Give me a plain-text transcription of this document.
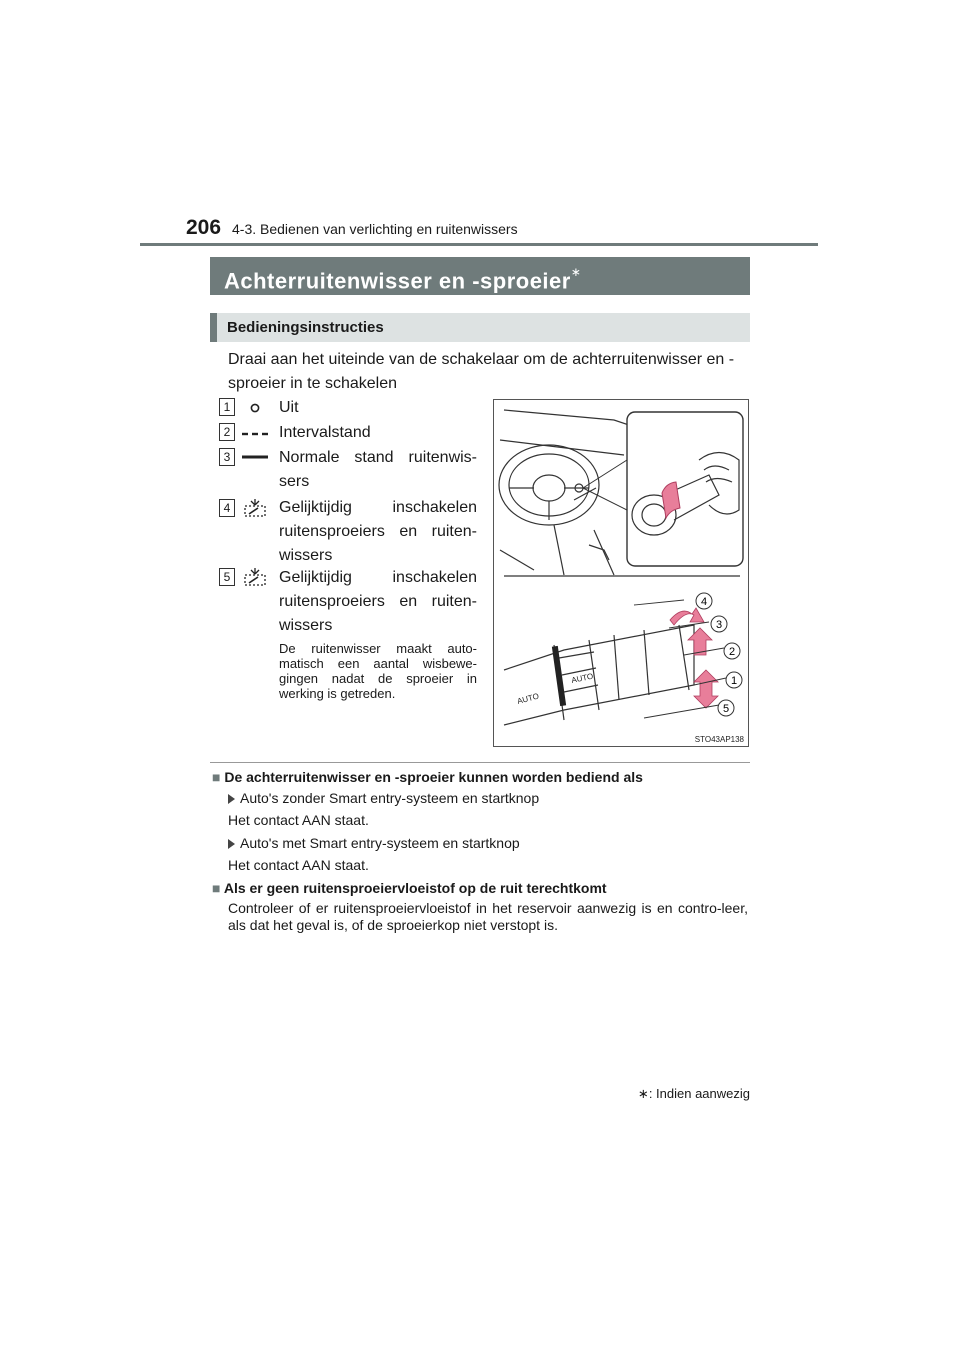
206 4-3. Bedienen van verlichting en ruitenwissers
Achterruitenwisser en -sproeier∗
Bedieningsinstructies
Draai aan het uiteinde van de schakelaar om de achterruitenwisser en -sproeier in te schakelen
1	Uit
2	Intervalstand
3	Normale stand ruitenwis-sers
4	Gelijktijdig inschakelen ruitensproeiers en ruiten-wissers
5	Gelijktijdig inschakelen ruitensproeiers en ruiten-wissers
De ruitenwisser maakt auto-matisch een aantal wisbewe-gingen nadat de sproeier in werking is getreden.
AUTO
AUTO
4
3
2
1
5
STO43AP138
■ De achterruitenwisser en -sproeier kunnen worden bediend als
Auto's zonder Smart entry-systeem en startknop
Het contact AAN staat.
Auto's met Smart entry-systeem en startknop
Het contact AAN staat.
■ Als er geen ruitensproeiervloeistof op de ruit terechtkomt
Controleer of er ruitensproeiervloeistof in het reservoir aanwezig is en contro-leer, als dat het geval is, of de sproeierkop niet verstopt is.
∗: Indien aanwezig
